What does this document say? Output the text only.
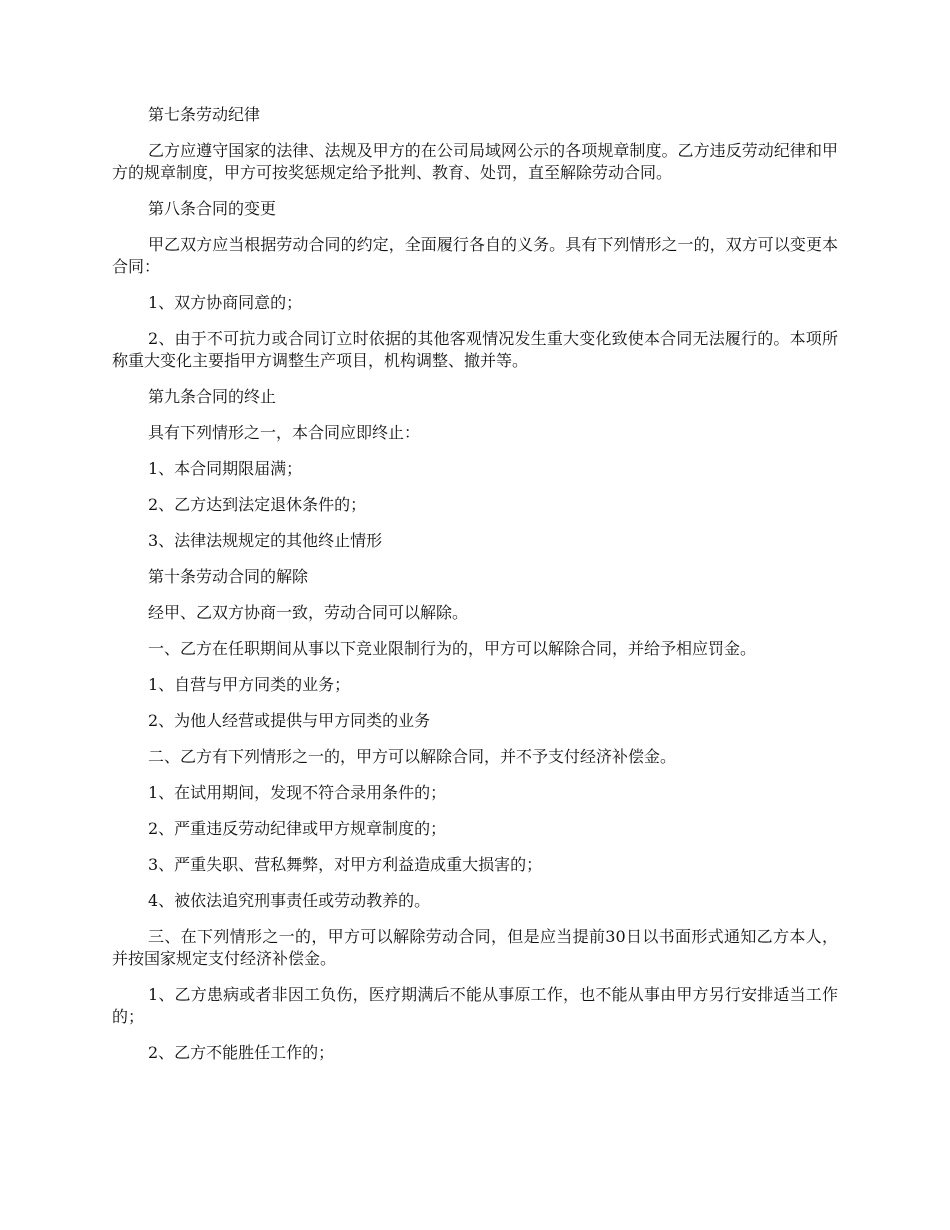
第七条劳动纪律

乙方应遵守国家的法律、法规及甲方的在公司局域网公示的各项规章制度。乙方违反劳动纪律和甲方的规章制度，甲方可按奖惩规定给予批判、教育、处罚，直至解除劳动合同。

第八条合同的变更

甲乙双方应当根据劳动合同的约定，全面履行各自的义务。具有下列情形之一的，双方可以变更本合同：

1、双方协商同意的；

2、由于不可抗力或合同订立时依据的其他客观情况发生重大变化致使本合同无法履行的。本项所称重大变化主要指甲方调整生产项目，机构调整、撤并等。

第九条合同的终止

具有下列情形之一，本合同应即终止：

1、本合同期限届满；

2、乙方达到法定退休条件的；

3、法律法规规定的其他终止情形

第十条劳动合同的解除

经甲、乙双方协商一致，劳动合同可以解除。

一、乙方在任职期间从事以下竞业限制行为的，甲方可以解除合同，并给予相应罚金。

1、自营与甲方同类的业务；

2、为他人经营或提供与甲方同类的业务

二、乙方有下列情形之一的，甲方可以解除合同，并不予支付经济补偿金。

1、在试用期间，发现不符合录用条件的；

2、严重违反劳动纪律或甲方规章制度的；

3、严重失职、营私舞弊，对甲方利益造成重大损害的；

4、被依法追究刑事责任或劳动教养的。

三、在下列情形之一的，甲方可以解除劳动合同，但是应当提前30日以书面形式通知乙方本人，并按国家规定支付经济补偿金。

1、乙方患病或者非因工负伤，医疗期满后不能从事原工作，也不能从事由甲方另行安排适当工作的；

2、乙方不能胜任工作的；
